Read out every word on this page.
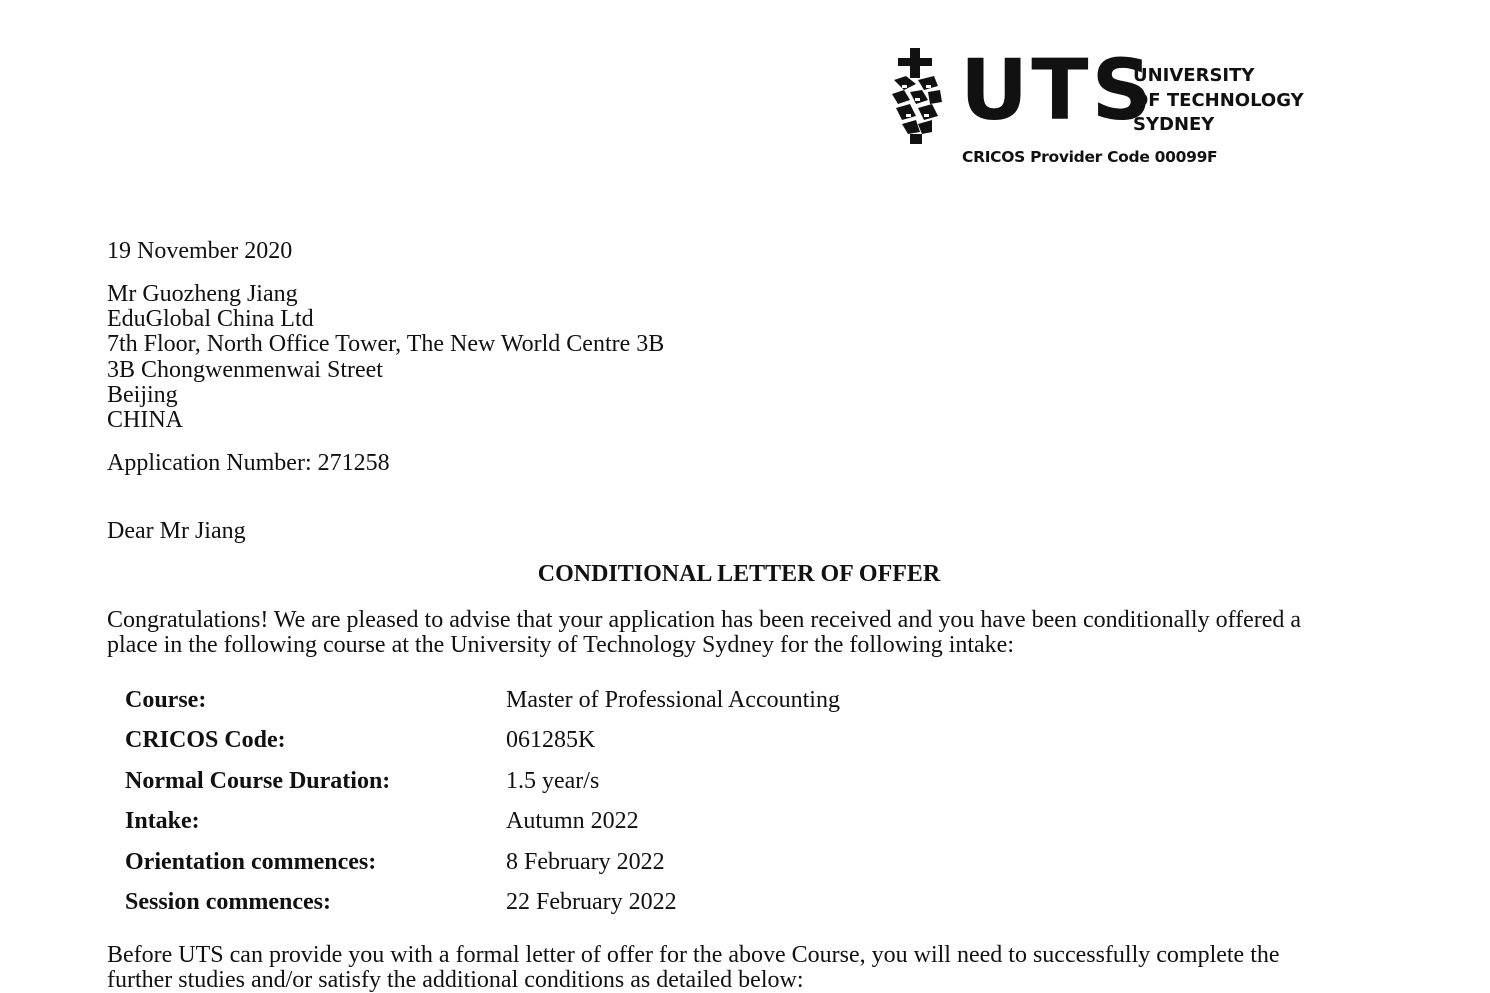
UTS
UNIVERSITY
OF TECHNOLOGY
SYDNEY
CRICOS Provider Code 00099F
19 November 2020
Mr Guozheng Jiang
EduGlobal China Ltd
7th Floor, North Office Tower, The New World Centre 3B
3B Chongwenmenwai Street
Beijing
CHINA
Application Number: 271258
Dear Mr Jiang
CONDITIONAL LETTER OF OFFER
Congratulations! We are pleased to advise that your application has been received and you have been conditionally offered a
place in the following course at the University of Technology Sydney for the following intake:
Course:	Master of Professional Accounting
CRICOS Code:	061285K
Normal Course Duration:	1.5 year/s
Intake:	Autumn 2022
Orientation commences:	8 February 2022
Session commences:	22 February 2022
Before UTS can provide you with a formal letter of offer for the above Course, you will need to successfully complete the
further studies and/or satisfy the additional conditions as detailed below:
